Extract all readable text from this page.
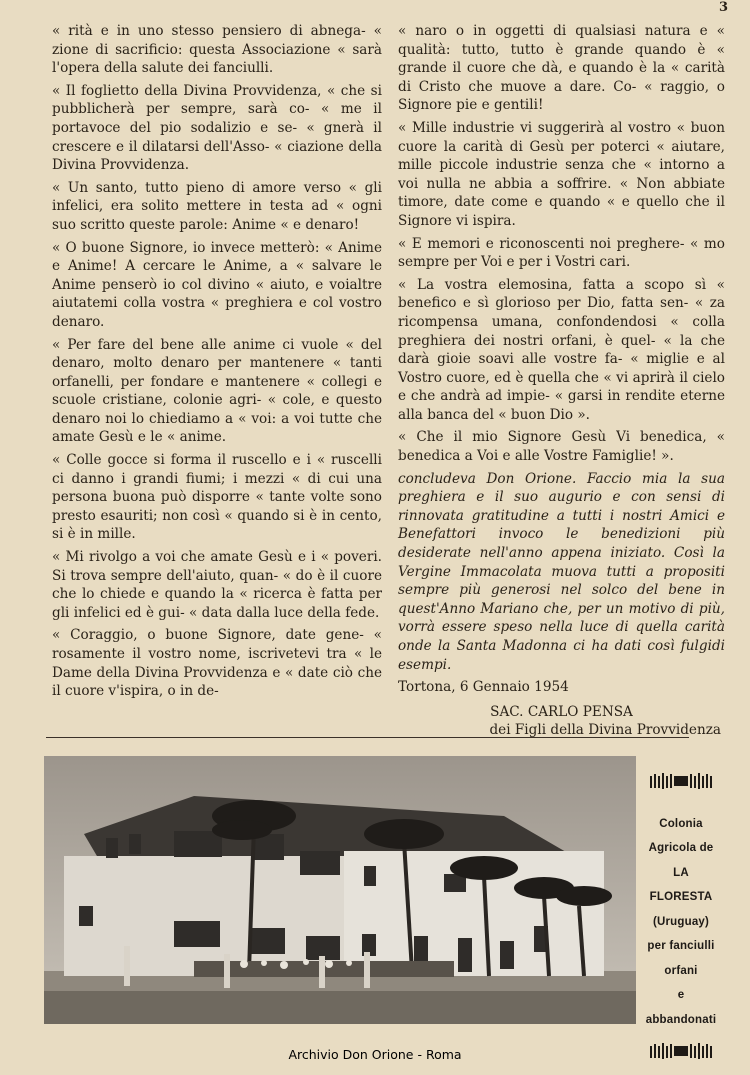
3

« rità e in uno stesso pensiero di abnega- « zione di sacrificio: questa Associazione « sarà l'opera della salute dei fanciulli.

« Il foglietto della Divina Provvidenza, « che si pubblicherà per sempre, sarà co- « me il portavoce del pio sodalizio e se- « gnerà il crescere e il dilatarsi dell'Asso- « ciazione della Divina Provvidenza.

« Un santo, tutto pieno di amore verso « gli infelici, era solito mettere in testa ad « ogni suo scritto queste parole: Anime « e denaro!

« O buone Signore, io invece metterò: « Anime e Anime! A cercare le Anime, a « salvare le Anime penserò io col divino « aiuto, e voialtre aiutatemi colla vostra « preghiera e col vostro denaro.

« Per fare del bene alle anime ci vuole « del denaro, molto denaro per mantenere « tanti orfanelli, per fondare e mantenere « collegi e scuole cristiane, colonie agri- « cole, e questo denaro noi lo chiediamo a « voi: a voi tutte che amate Gesù e le « anime.

« Colle gocce si forma il ruscello e i « ruscelli ci danno i grandi fiumi; i mezzi « di cui una persona buona può disporre « tante volte sono presto esauriti; non così « quando si è in cento, si è in mille.

« Mi rivolgo a voi che amate Gesù e i « poveri. Si trova sempre dell'aiuto, quan- « do è il cuore che lo chiede e quando la « ricerca è fatta per gli infelici ed è gui- « data dalla luce della fede.

« Coraggio, o buone Signore, date gene- « rosamente il vostro nome, iscrivetevi tra « le Dame della Divina Provvidenza e « date ciò che il cuore v'ispira, o in de-

« naro o in oggetti di qualsiasi natura e « qualità: tutto, tutto è grande quando è « grande il cuore che dà, e quando è la « carità di Cristo che muove a dare. Co- « raggio, o Signore pie e gentili!

« Mille industrie vi suggerirà al vostro « buon cuore la carità di Gesù per poterci « aiutare, mille piccole industrie senza che « intorno a voi nulla ne abbia a soffrire. « Non abbiate timore, date come e quando « e quello che il Signore vi ispira.

« E memori e riconoscenti noi preghere- « mo sempre per Voi e per i Vostri cari.

« La vostra elemosina, fatta a scopo sì « benefico e sì glorioso per Dio, fatta sen- « za ricompensa umana, confondendosi « colla preghiera dei nostri orfani, è quel- « la che darà gioie soavi alle vostre fa- « miglie e al Vostro cuore, ed è quella che « vi aprirà il cielo e che andrà ad impie- « garsi in rendite eterne alla banca del « buon Dio ».

« Che il mio Signore Gesù Vi benedica, « benedica a Voi e alle Vostre Famiglie! ».

concludeva Don Orione. Faccio mia la sua preghiera e il suo augurio e con sensi di rinnovata gratitudine a tutti i nostri Amici e Benefattori invoco le benedizioni più desiderate nell'anno appena iniziato. Così la Vergine Immacolata muova tutti a propositi sempre più generosi nel solco del bene in quest'Anno Mariano che, per un motivo di più, vorrà essere speso nella luce di quella carità onde la Santa Madonna ci ha dati così fulgidi esempi.

Tortona, 6 Gennaio 1954

SAC. CARLO PENSA
dei Figli della Divina Provvidenza
Colonia
Agricola de
LA FLORESTA
(Uruguay)
per fanciulli
orfani
e abbandonati
Archivio Don Orione - Roma
